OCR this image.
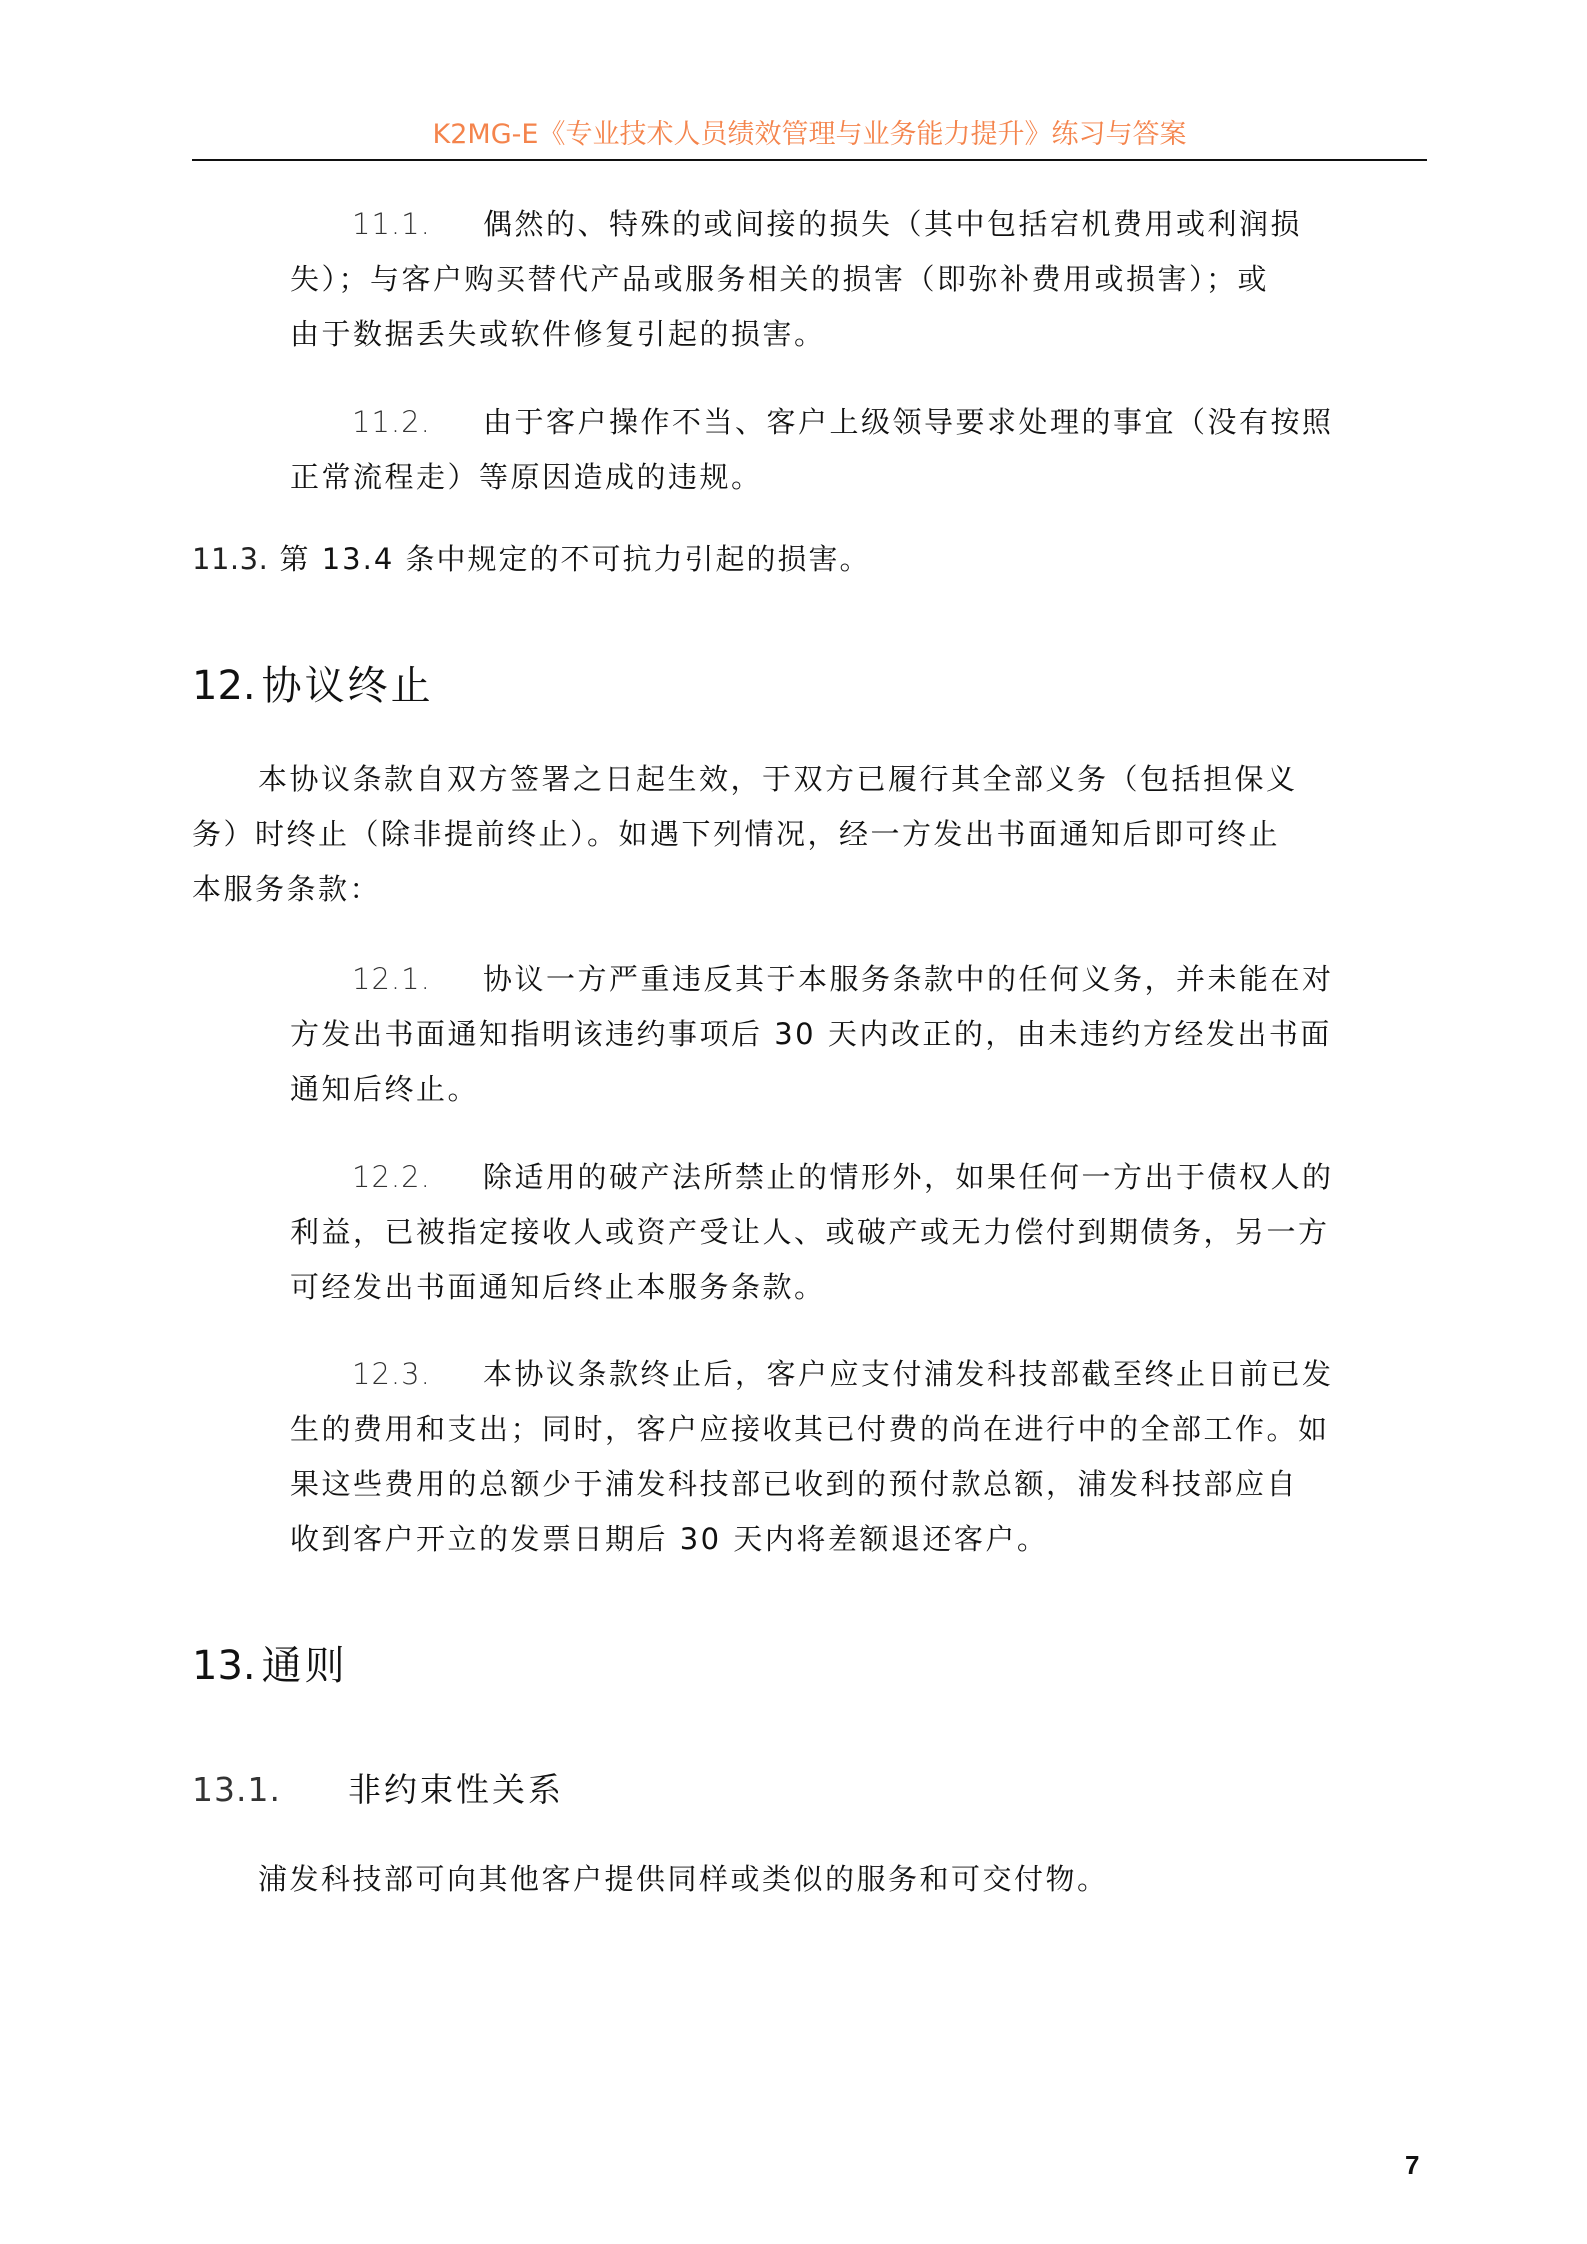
K2MG-E《专业技术人员绩效管理与业务能力提升》练习与答案
11.1. 偶然的、特殊的或间接的损失（其中包括宕机费用或利润损
失）；与客户购买替代产品或服务相关的损害（即弥补费用或损害）；或
由于数据丢失或软件修复引起的损害。
11.2. 由于客户操作不当、客户上级领导要求处理的事宜（没有按照
正常流程走）等原因造成的违规。
11.3. 第 13.4 条中规定的不可抗力引起的损害。
12. 协议终止
本协议条款自双方签署之日起生效，于双方已履行其全部义务（包括担保义
务）时终止（除非提前终止）。如遇下列情况，经一方发出书面通知后即可终止
本服务条款：
12.1. 协议一方严重违反其于本服务条款中的任何义务，并未能在对
方发出书面通知指明该违约事项后 30 天内改正的，由未违约方经发出书面
通知后终止。
12.2. 除适用的破产法所禁止的情形外，如果任何一方出于债权人的
利益，已被指定接收人或资产受让人、或破产或无力偿付到期债务，另一方
可经发出书面通知后终止本服务条款。
12.3. 本协议条款终止后，客户应支付浦发科技部截至终止日前已发
生的费用和支出；同时，客户应接收其已付费的尚在进行中的全部工作。如
果这些费用的总额少于浦发科技部已收到的预付款总额，浦发科技部应自
收到客户开立的发票日期后 30 天内将差额退还客户。
13. 通则
13.1. 非约束性关系
浦发科技部可向其他客户提供同样或类似的服务和可交付物。
7
